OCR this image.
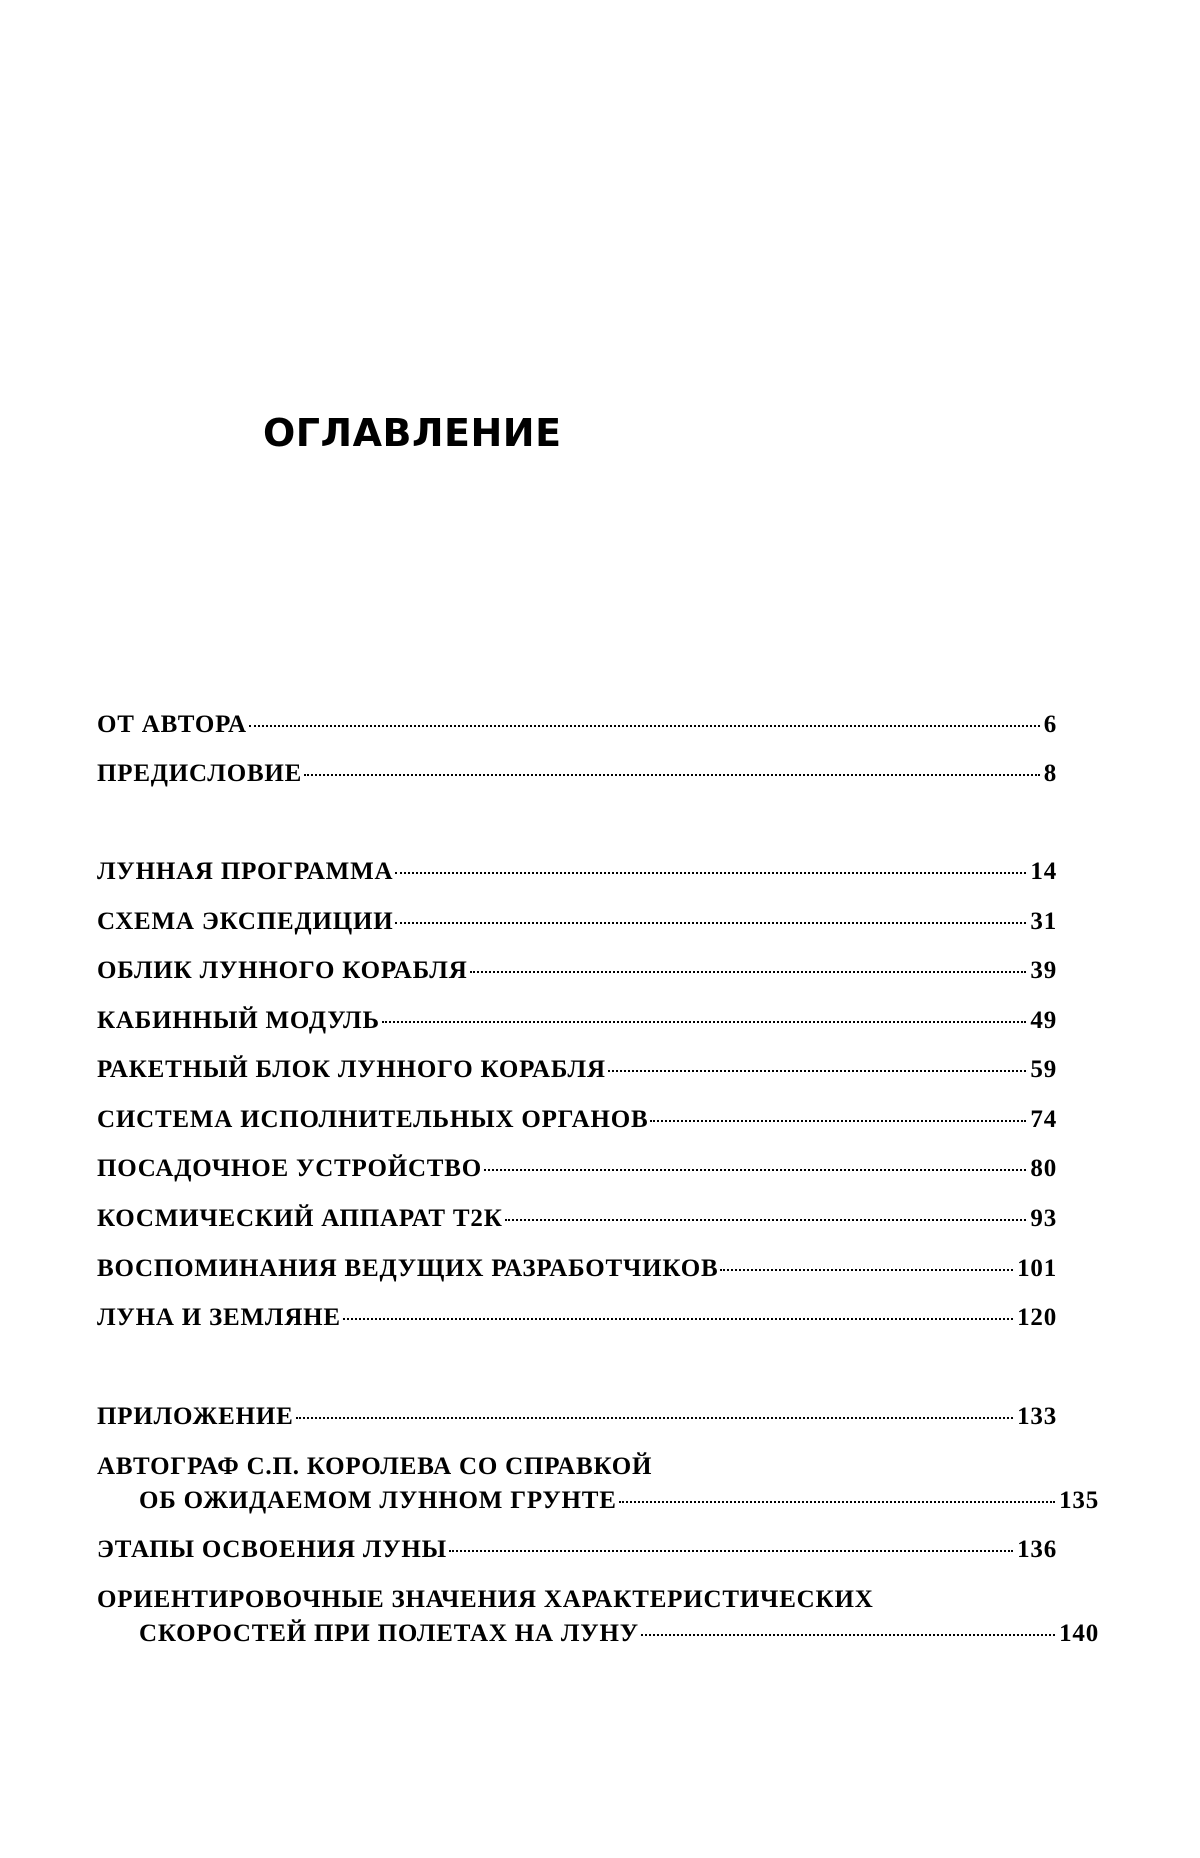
ОГЛАВЛЕНИЕ
ОТ АВТОРА	6
ПРЕДИСЛОВИЕ	8
ЛУННАЯ ПРОГРАММА	14
СХЕМА ЭКСПЕДИЦИИ	31
ОБЛИК ЛУННОГО КОРАБЛЯ	39
КАБИННЫЙ МОДУЛЬ	49
РАКЕТНЫЙ БЛОК ЛУННОГО КОРАБЛЯ	59
СИСТЕМА ИСПОЛНИТЕЛЬНЫХ ОРГАНОВ	74
ПОСАДОЧНОЕ УСТРОЙСТВО	80
КОСМИЧЕСКИЙ АППАРАТ Т2К	93
ВОСПОМИНАНИЯ ВЕДУЩИХ РАЗРАБОТЧИКОВ	101
ЛУНА И ЗЕМЛЯНЕ	120
ПРИЛОЖЕНИЕ	133
АВТОГРАФ С.П. КОРОЛЕВА СО СПРАВКОЙ
ОБ ОЖИДАЕМОМ ЛУННОМ ГРУНТЕ	135
ЭТАПЫ ОСВОЕНИЯ ЛУНЫ	136
ОРИЕНТИРОВОЧНЫЕ ЗНАЧЕНИЯ ХАРАКТЕРИСТИЧЕСКИХ
СКОРОСТЕЙ ПРИ ПОЛЕТАХ НА ЛУНУ	140
